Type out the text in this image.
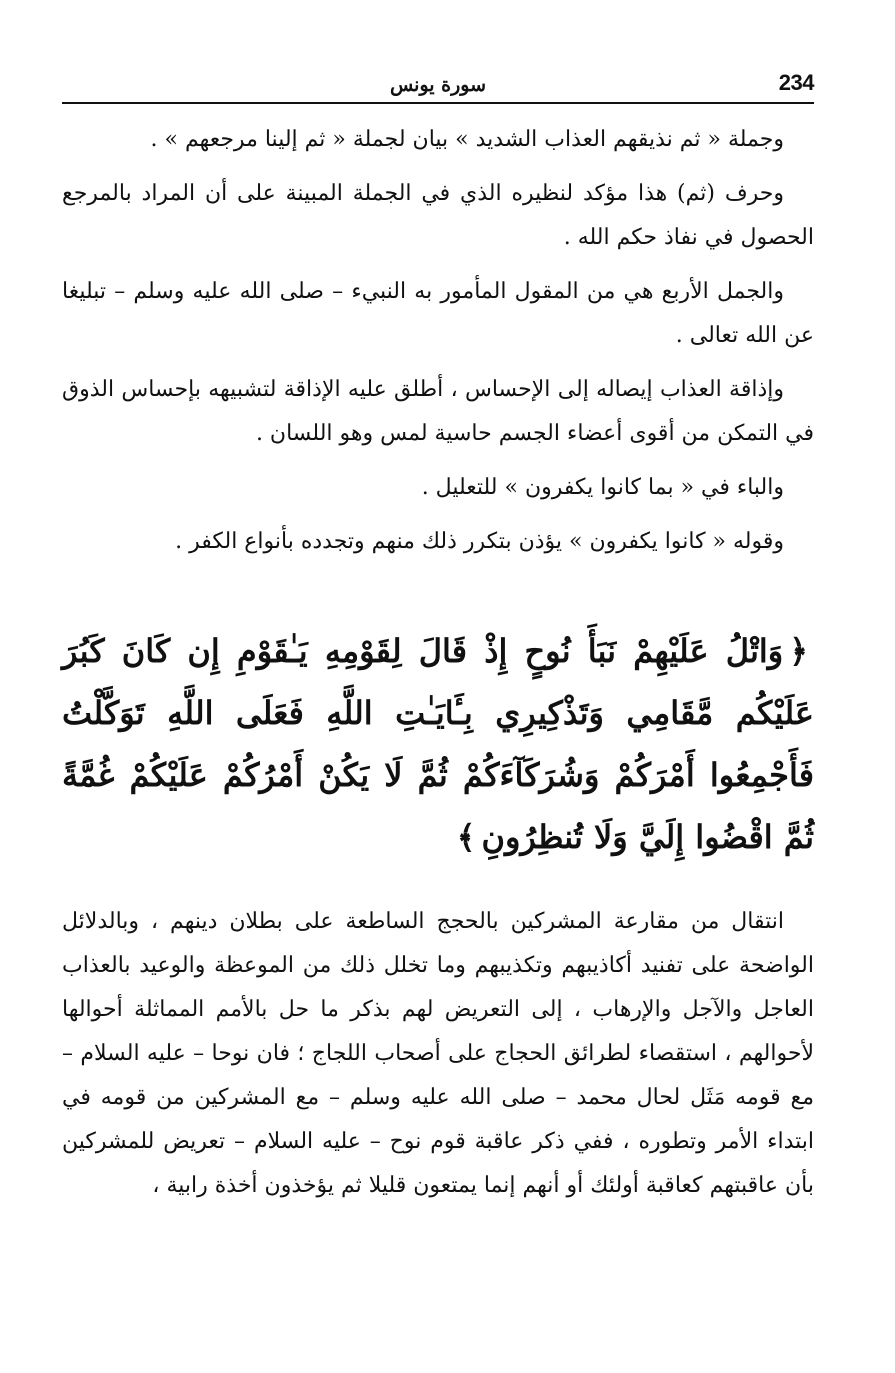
234
سورة يونس

وجملة « ثم نذيقهم العذاب الشديد » بيان لجملة « ثم إلينا مرجعهم » .

وحرف (ثم) هذا مؤكد لنظيره الذي في الجملة المبينة على أن المراد بالمرجع الحصول في نفاذ حكم الله .

والجمل الأربع هي من المقول المأمور به النبيء – صلى الله عليه وسلم – تبليغا عن الله تعالى .

وإذاقة العذاب إيصاله إلى الإحساس ، أطلق عليه الإذاقة لتشبيهه بإحساس الذوق في التمكن من أقوى أعضاء الجسم حاسية لمس وهو اللسان .

والباء في « بما كانوا يكفرون » للتعليل .

وقوله « كانوا يكفرون » يؤذن بتكرر ذلك منهم وتجدده بأنواع الكفر .

﴿وَاتْلُ عَلَيْهِمْ نَبَأَ نُوحٍ إِذْ قَالَ لِقَوْمِهِ يَـٰقَوْمِ إِن كَانَ كَبُرَ عَلَيْكُم مَّقَامِي وَتَذْكِيرِي بِـَٔايَـٰتِ اللَّهِ فَعَلَى اللَّهِ تَوَكَّلْتُ فَأَجْمِعُوا أَمْرَكُمْ وَشُرَكَآءَكُمْ ثُمَّ لَا يَكُنْ أَمْرُكُمْ عَلَيْكُمْ غُمَّةً ثُمَّ اقْضُوا إِلَيَّ وَلَا تُنظِرُونِ﴾

انتقال من مقارعة المشركين بالحجج الساطعة على بطلان دينهم ، وبالدلائل الواضحة على تفنيد أكاذيبهم وتكذيبهم وما تخلل ذلك من الموعظة والوعيد بالعذاب العاجل والآجل والإرهاب ، إلى التعريض لهم بذكر ما حل بالأمم المماثلة أحوالها لأحوالهم ، استقصاء لطرائق الحجاج على أصحاب اللجاج ؛ فان نوحا – عليه السلام – مع قومه مَثَل لحال محمد – صلى الله عليه وسلم – مع المشركين من قومه في ابتداء الأمر وتطوره ، ففي ذكر عاقبة قوم نوح – عليه السلام – تعريض للمشركين بأن عاقبتهم كعاقبة أولئك أو أنهم إنما يمتعون قليلا ثم يؤخذون أخذة رابية ،
